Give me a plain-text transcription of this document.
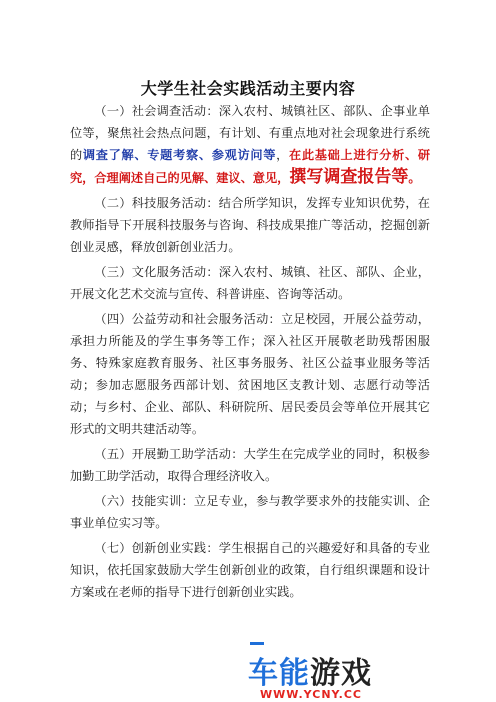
大学生社会实践活动主要内容

（一）社会调查活动：深入农村、城镇社区、部队、企事业单位等，聚焦社会热点问题，有计划、有重点地对社会现象进行系统的调查了解、专题考察、参观访问等，在此基础上进行分析、研究，合理阐述自己的见解、建议、意见，撰写调查报告等。

（二）科技服务活动：结合所学知识，发挥专业知识优势，在教师指导下开展科技服务与咨询、科技成果推广等活动，挖掘创新创业灵感，释放创新创业活力。

（三）文化服务活动：深入农村、城镇、社区、部队、企业，开展文化艺术交流与宣传、科普讲座、咨询等活动。

（四）公益劳动和社会服务活动：立足校园，开展公益劳动，承担力所能及的学生事务等工作；深入社区开展敬老助残帮困服务、特殊家庭教育服务、社区事务服务、社区公益事业服务等活动；参加志愿服务西部计划、贫困地区支教计划、志愿行动等活动；与乡村、企业、部队、科研院所、居民委员会等单位开展其它形式的文明共建活动等。

（五）开展勤工助学活动：大学生在完成学业的同时，积极参加勤工助学活动，取得合理经济收入。

（六）技能实训：立足专业，参与教学要求外的技能实训、企事业单位实习等。

（七）创新创业实践：学生根据自己的兴趣爱好和具备的专业知识，依托国家鼓励大学生创新创业的政策，自行组织课题和设计方案或在老师的指导下进行创新创业实践。

车能游戏
WWW.YCNY.CC
